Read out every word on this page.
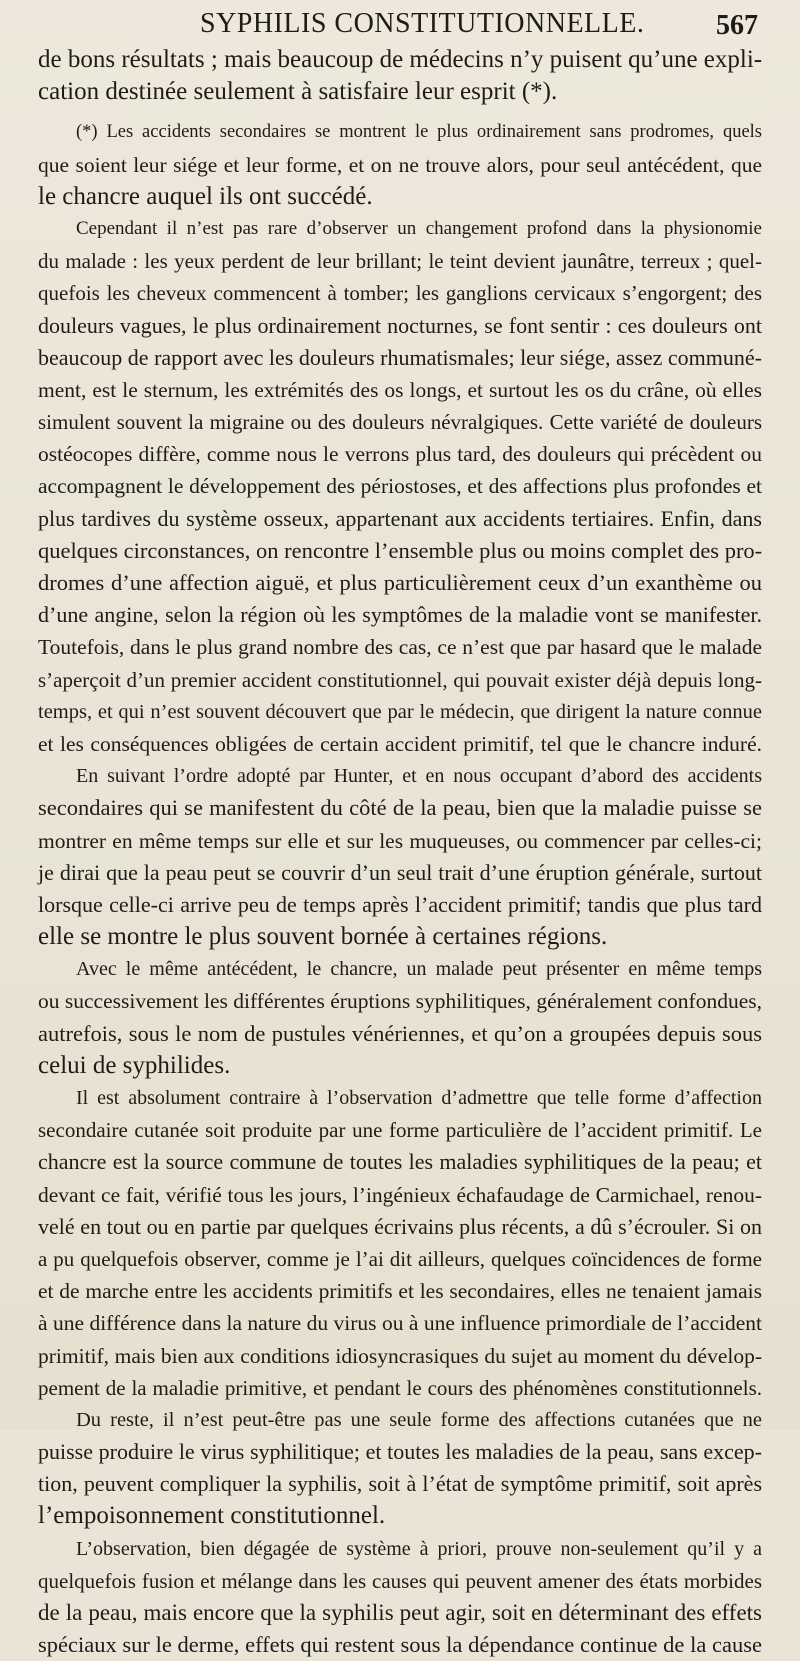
SYPHILIS CONSTITUTIONNELLE.	567
de bons résultats ; mais beaucoup de médecins n’y puisent qu’une expli-
cation destinée seulement à satisfaire leur esprit (*).
(*) Les accidents secondaires se montrent le plus ordinairement sans prodromes, quels
que soient leur siége et leur forme, et on ne trouve alors, pour seul antécédent, que
le chancre auquel ils ont succédé.
Cependant il n’est pas rare d’observer un changement profond dans la physionomie
du malade : les yeux perdent de leur brillant; le teint devient jaunâtre, terreux ; quel-
quefois les cheveux commencent à tomber; les ganglions cervicaux s’engorgent; des
douleurs vagues, le plus ordinairement nocturnes, se font sentir : ces douleurs ont
beaucoup de rapport avec les douleurs rhumatismales; leur siége, assez communé-
ment, est le sternum, les extrémités des os longs, et surtout les os du crâne, où elles
simulent souvent la migraine ou des douleurs névralgiques. Cette variété de douleurs
ostéocopes diffère, comme nous le verrons plus tard, des douleurs qui précèdent ou
accompagnent le développement des périostoses, et des affections plus profondes et
plus tardives du système osseux, appartenant aux accidents tertiaires. Enfin, dans
quelques circonstances, on rencontre l’ensemble plus ou moins complet des pro-
dromes d’une affection aiguë, et plus particulièrement ceux d’un exanthème ou
d’une angine, selon la région où les symptômes de la maladie vont se manifester.
Toutefois, dans le plus grand nombre des cas, ce n’est que par hasard que le malade
s’aperçoit d’un premier accident constitutionnel, qui pouvait exister déjà depuis long-
temps, et qui n’est souvent découvert que par le médecin, que dirigent la nature connue
et les conséquences obligées de certain accident primitif, tel que le chancre induré.
En suivant l’ordre adopté par Hunter, et en nous occupant d’abord des accidents
secondaires qui se manifestent du côté de la peau, bien que la maladie puisse se
montrer en même temps sur elle et sur les muqueuses, ou commencer par celles-ci;
je dirai que la peau peut se couvrir d’un seul trait d’une éruption générale, surtout
lorsque celle-ci arrive peu de temps après l’accident primitif; tandis que plus tard
elle se montre le plus souvent bornée à certaines régions.
Avec le même antécédent, le chancre, un malade peut présenter en même temps
ou successivement les différentes éruptions syphilitiques, généralement confondues,
autrefois, sous le nom de pustules vénériennes, et qu’on a groupées depuis sous
celui de syphilides.
Il est absolument contraire à l’observation d’admettre que telle forme d’affection
secondaire cutanée soit produite par une forme particulière de l’accident primitif. Le
chancre est la source commune de toutes les maladies syphilitiques de la peau; et
devant ce fait, vérifié tous les jours, l’ingénieux échafaudage de Carmichael, renou-
velé en tout ou en partie par quelques écrivains plus récents, a dû s’écrouler. Si on
a pu quelquefois observer, comme je l’ai dit ailleurs, quelques coïncidences de forme
et de marche entre les accidents primitifs et les secondaires, elles ne tenaient jamais
à une différence dans la nature du virus ou à une influence primordiale de l’accident
primitif, mais bien aux conditions idiosyncrasiques du sujet au moment du dévelop-
pement de la maladie primitive, et pendant le cours des phénomènes constitutionnels.
Du reste, il n’est peut-être pas une seule forme des affections cutanées que ne
puisse produire le virus syphilitique; et toutes les maladies de la peau, sans excep-
tion, peuvent compliquer la syphilis, soit à l’état de symptôme primitif, soit après
l’empoisonnement constitutionnel.
L’observation, bien dégagée de système à priori, prouve non-seulement qu’il y a
quelquefois fusion et mélange dans les causes qui peuvent amener des états morbides
de la peau, mais encore que la syphilis peut agir, soit en déterminant des effets
spéciaux sur le derme, effets qui restent sous la dépendance continue de la cause
